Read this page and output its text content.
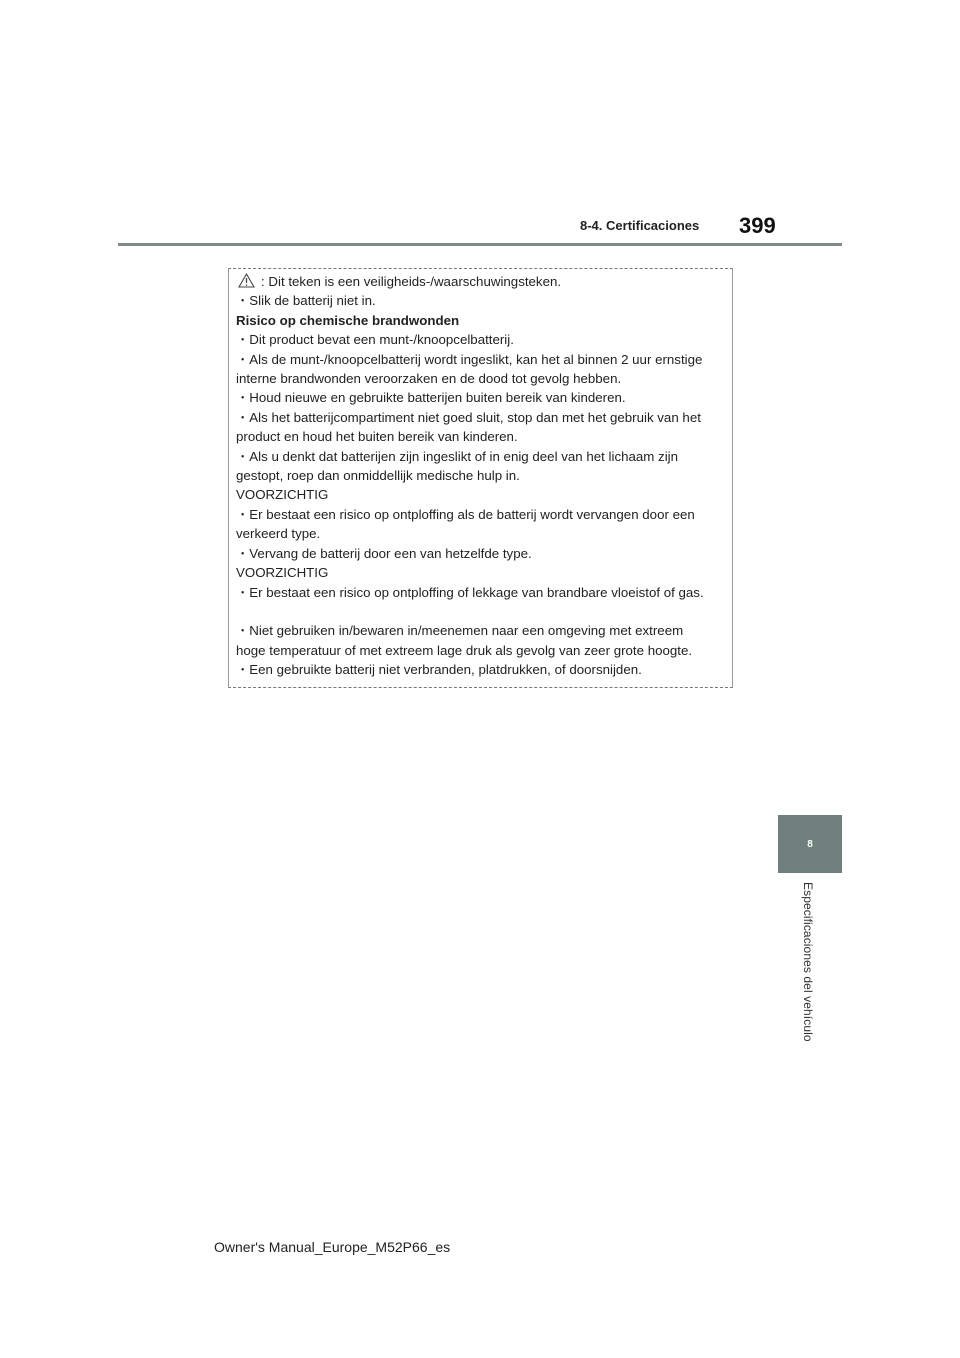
8-4. Certificaciones 399

: Dit teken is een veiligheids-/waarschuwingsteken.

・Slik de batterij niet in.

Risico op chemische brandwonden

・Dit product bevat een munt-/knoopcelbatterij.

・Als de munt-/knoopcelbatterij wordt ingeslikt, kan het al binnen 2 uur ernstige

interne brandwonden veroorzaken en de dood tot gevolg hebben.

・Houd nieuwe en gebruikte batterijen buiten bereik van kinderen.

・Als het batterijcompartiment niet goed sluit, stop dan met het gebruik van het

product en houd het buiten bereik van kinderen.

・Als u denkt dat batterijen zijn ingeslikt of in enig deel van het lichaam zijn

gestopt, roep dan onmiddellijk medische hulp in.

VOORZICHTIG

・Er bestaat een risico op ontploffing als de batterij wordt vervangen door een

verkeerd type.

・Vervang de batterij door een van hetzelfde type.

VOORZICHTIG

・Er bestaat een risico op ontploffing of lekkage van brandbare vloeistof of gas.

・Niet gebruiken in/bewaren in/meenemen naar een omgeving met extreem

hoge temperatuur of met extreem lage druk als gevolg van zeer grote hoogte.

・Een gebruikte batterij niet verbranden, platdrukken, of doorsnijden.

8
Especificaciones del vehículo
Owner's Manual_Europe_M52P66_es
